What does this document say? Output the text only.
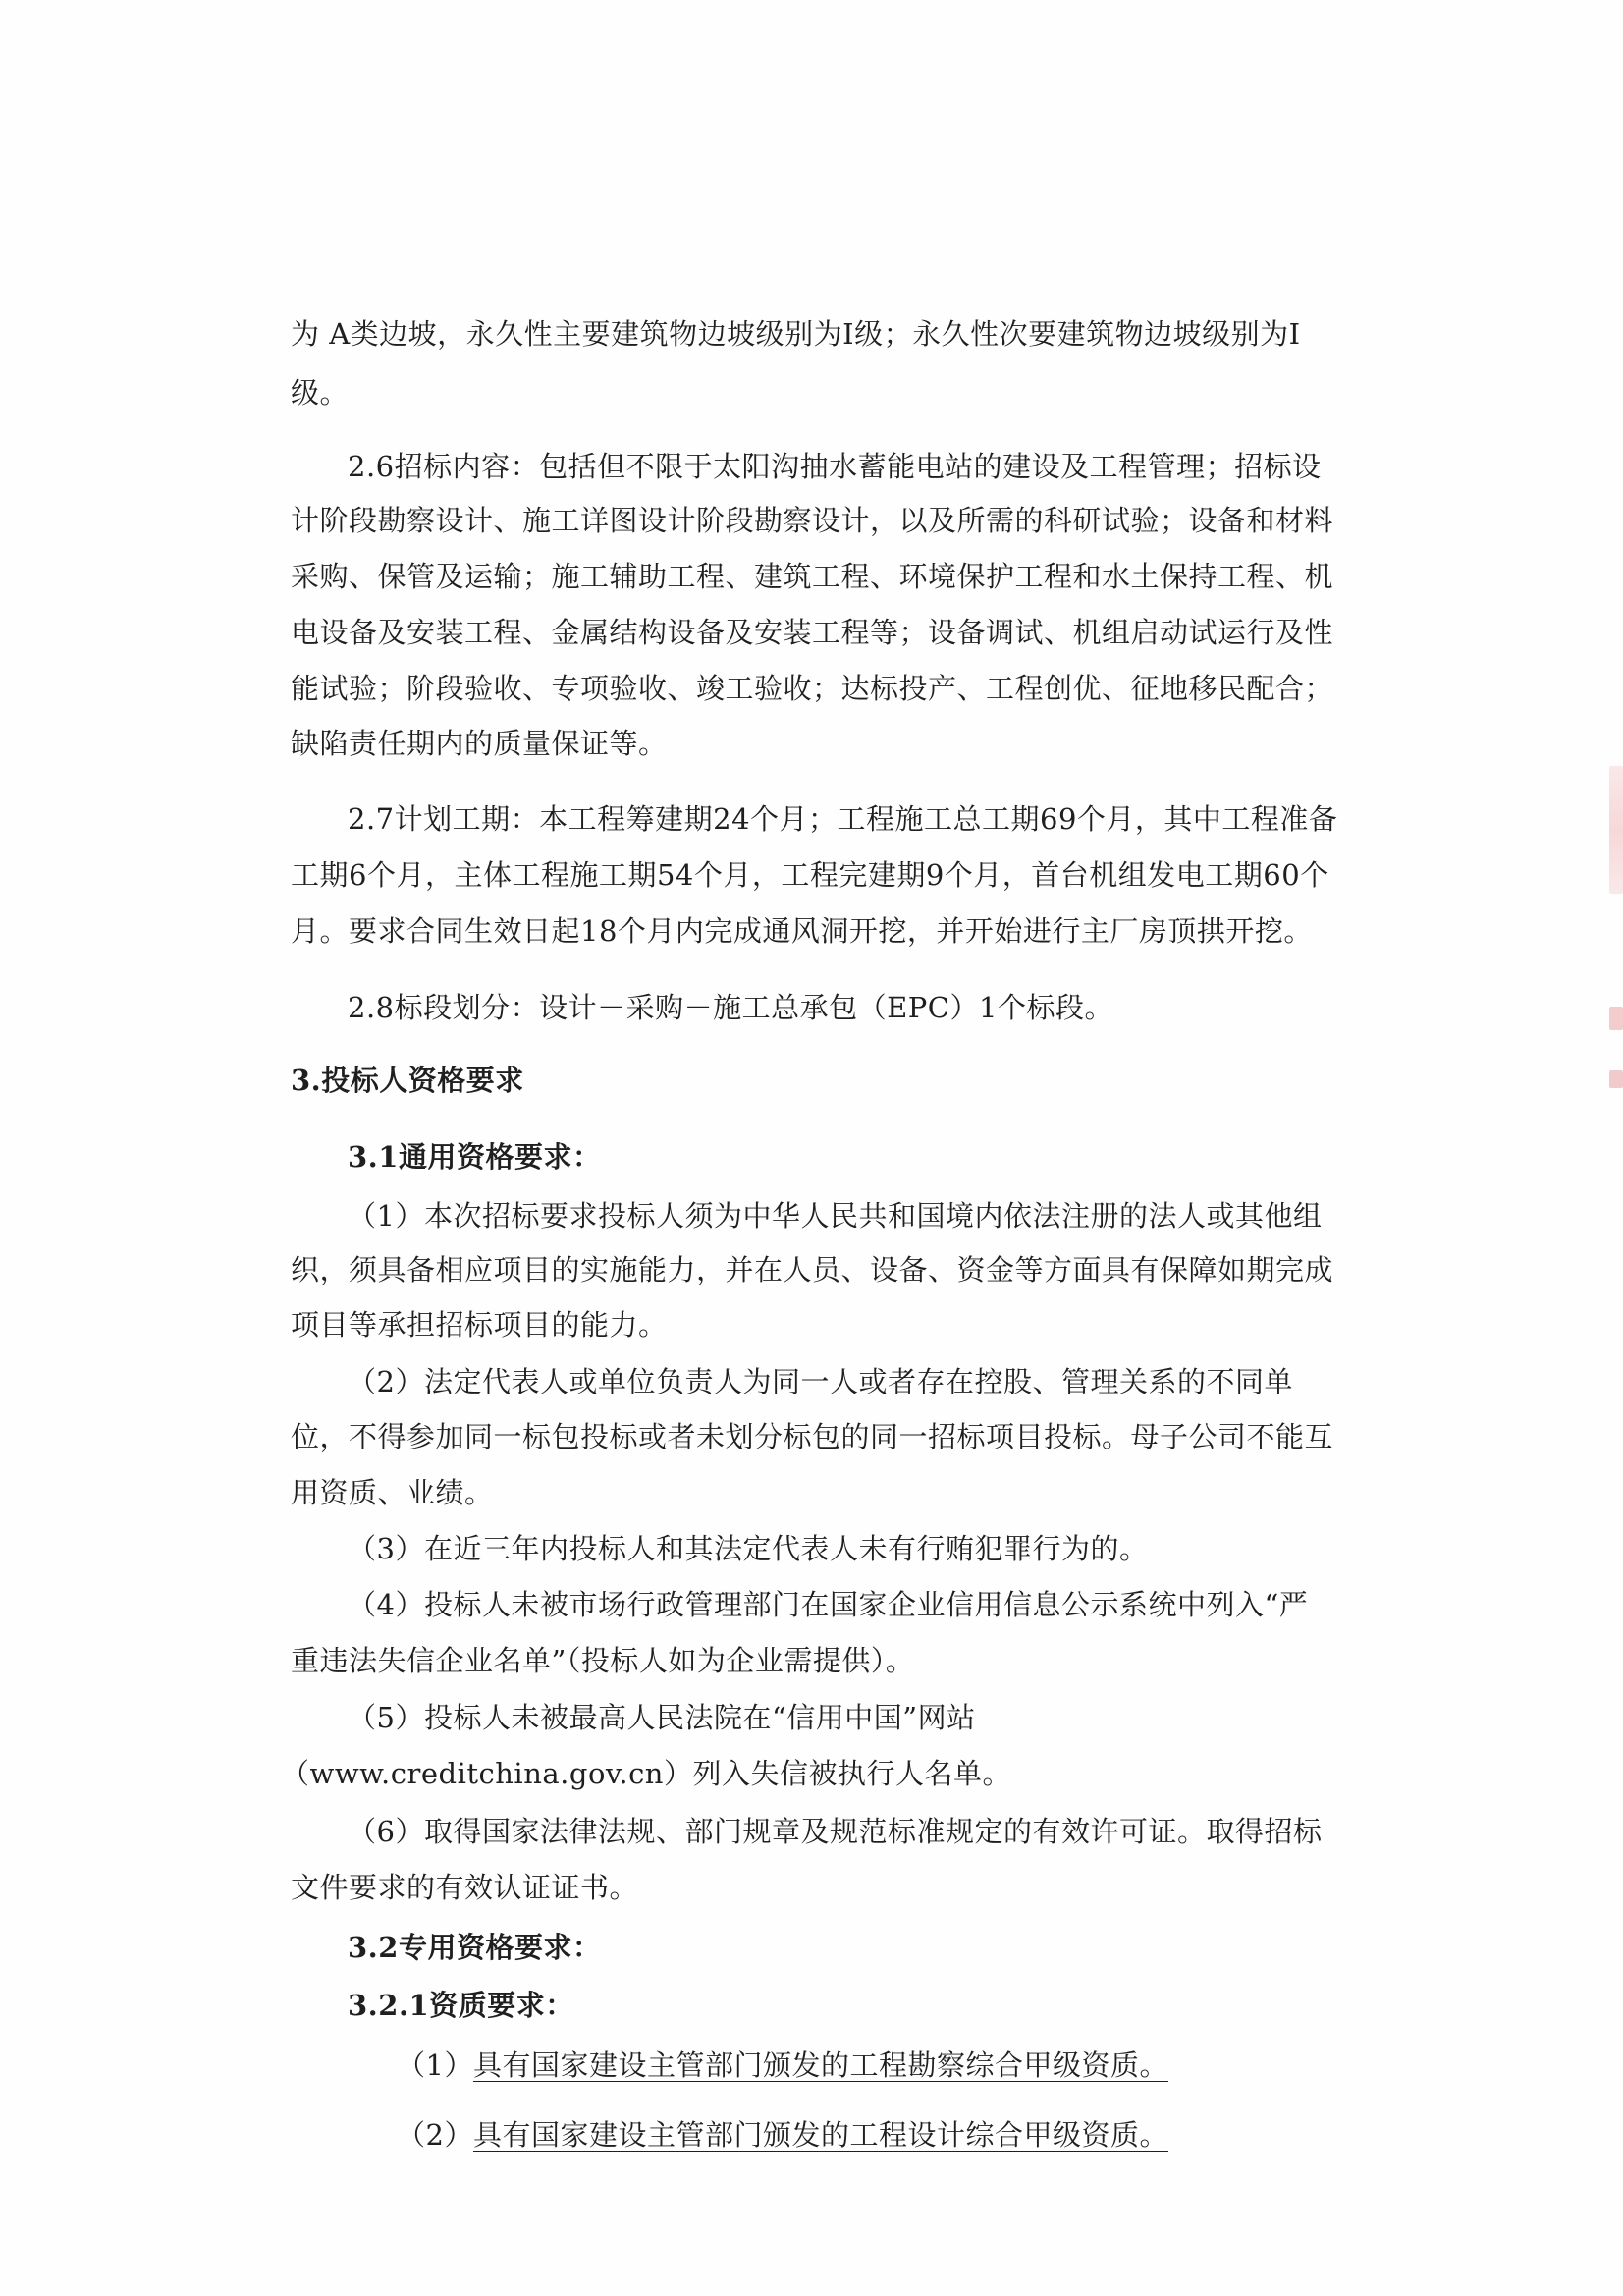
为 A类边坡，永久性主要建筑物边坡级别为Ⅰ级；永久性次要建筑物边坡级别为Ⅰ
级。
2.6招标内容：包括但不限于太阳沟抽水蓄能电站的建设及工程管理；招标设
计阶段勘察设计、施工详图设计阶段勘察设计，以及所需的科研试验；设备和材料
采购、保管及运输；施工辅助工程、建筑工程、环境保护工程和水土保持工程、机
电设备及安装工程、金属结构设备及安装工程等；设备调试、机组启动试运行及性
能试验；阶段验收、专项验收、竣工验收；达标投产、工程创优、征地移民配合；
缺陷责任期内的质量保证等。
2.7计划工期：本工程筹建期24个月；工程施工总工期69个月，其中工程准备
工期6个月，主体工程施工期54个月，工程完建期9个月，首台机组发电工期60个
月。要求合同生效日起18个月内完成通风洞开挖，并开始进行主厂房顶拱开挖。
2.8标段划分：设计－采购－施工总承包（EPC）1个标段。
3.投标人资格要求
3.1通用资格要求：
（1）本次招标要求投标人须为中华人民共和国境内依法注册的法人或其他组
织，须具备相应项目的实施能力，并在人员、设备、资金等方面具有保障如期完成
项目等承担招标项目的能力。
（2）法定代表人或单位负责人为同一人或者存在控股、管理关系的不同单
位，不得参加同一标包投标或者未划分标包的同一招标项目投标。母子公司不能互
用资质、业绩。
（3）在近三年内投标人和其法定代表人未有行贿犯罪行为的。
（4）投标人未被市场行政管理部门在国家企业信用信息公示系统中列入“严
重违法失信企业名单”（投标人如为企业需提供）。
（5）投标人未被最高人民法院在“信用中国”网站
（www.creditchina.gov.cn）列入失信被执行人名单。
（6）取得国家法律法规、部门规章及规范标准规定的有效许可证。取得招标
文件要求的有效认证证书。
3.2专用资格要求：
3.2.1资质要求：
（1）具有国家建设主管部门颁发的工程勘察综合甲级资质。
（2）具有国家建设主管部门颁发的工程设计综合甲级资质。
